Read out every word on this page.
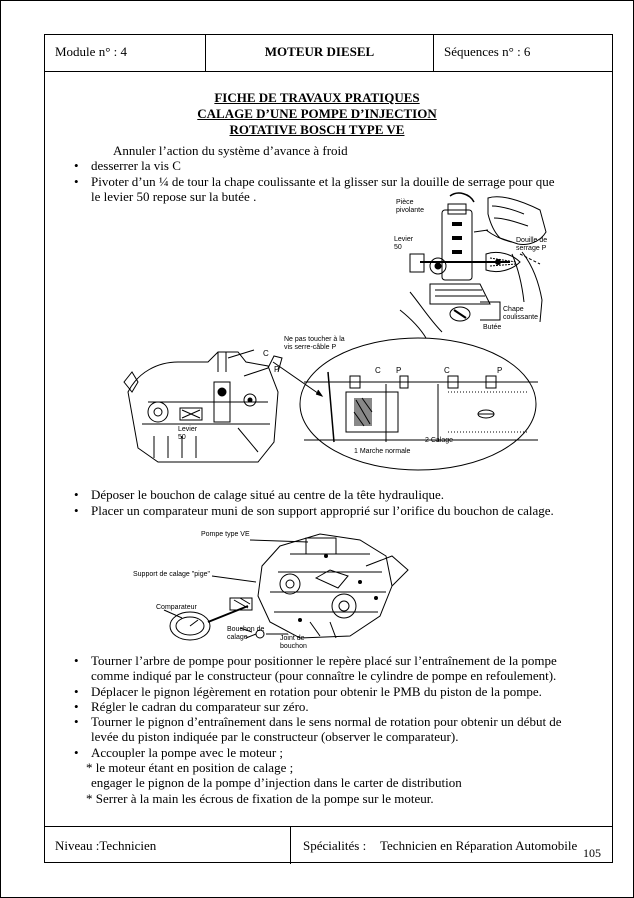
Module n° : 4	MOTEUR DIESEL	Séquences n° : 6
Niveau :Technicien	Spécialités : Technicien en Réparation Automobile 105
FICHE DE TRAVAUX PRATIQUES
CALAGE D’UNE POMPE D’INJECTION
ROTATIVE BOSCH TYPE VE
Annuler l’action du système d’avance à froid
• desserrer la vis C
• Pivoter d’un ¼ de tour la chape coulissante et la glisser sur la douille de serrage pour que
le levier 50 repose sur la butée .	Pièce
pivolante
Levier
50
Douille de
serrage P
Chape
coulissante
Butée
Ne pas toucher à la
vis serre-câble P
C
P
Levier
50
C P	C	P
1 Marche normale
2 Calage
• Déposer le bouchon de calage situé au centre de la tête hydraulique.
• Placer un comparateur muni de son support approprié sur l’orifice du bouchon de calage.
Pompe type VE
Support de calage "pige"
Comparateur
Bouchon de
calage	Joint de
bouchon
• Tourner l’arbre de pompe pour positionner le repère placé sur l’entraînement de la pompe
comme indiqué par le constructeur (pour connaître le cylindre de pompe en refoulement).
• Déplacer le pignon légèrement en rotation pour obtenir le PMB du piston de la pompe.
• Régler le cadran du comparateur sur zéro.
• Tourner le pignon d’entraînement dans le sens normal de rotation pour obtenir un début de
levée du piston indiquée par le constructeur (observer le comparateur).
• Accoupler la pompe avec le moteur ;
* le moteur étant en position de calage ;
engager le pignon de la pompe d’injection dans le carter de distribution
* Serrer à la main les écrous de fixation de la pompe sur le moteur.
